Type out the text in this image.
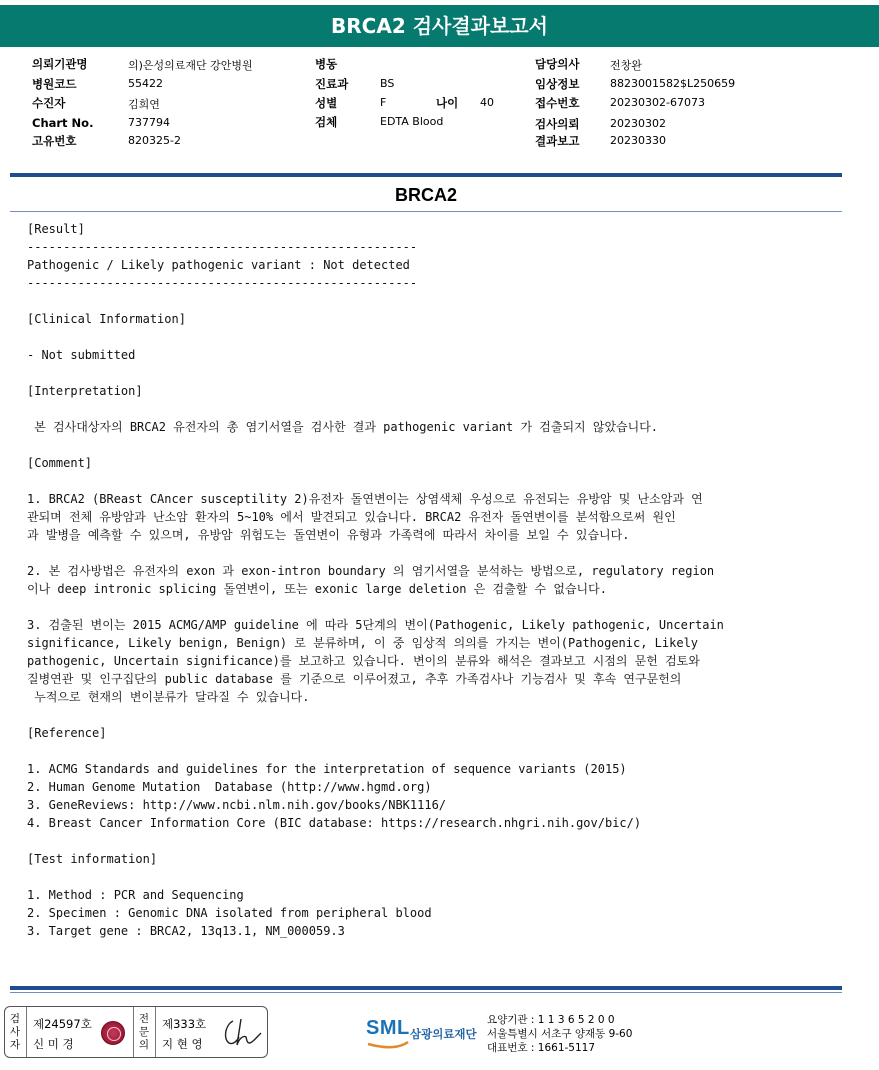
BRCA2 검사결과보고서
의뢰기관명	의)은성의료재단 강안병원
병원코드	55422
수진자	김희연
Chart No.	737794
고유번호	820325-2
병동
진료과	BS
성별	F	나이 40
검체	EDTA Blood
담당의사	전창완
임상정보	8823001582$L250659
접수번호	20230302-67073
검사의뢰	20230302
결과보고	20230330
BRCA2
[Result]
------------------------------------------------------
Pathogenic / Likely pathogenic variant : Not detected
------------------------------------------------------
[Clinical Information]
- Not submitted
[Interpretation]
본 검사대상자의 BRCA2 유전자의 총 염기서열을 검사한 결과 pathogenic variant 가 검출되지 않았습니다.
[Comment]
1. BRCA2 (BReast CAncer susceptility 2)유전자 돌연변이는 상염색체 우성으로 유전되는 유방암 및 난소암과 연
관되며 전체 유방암과 난소암 환자의 5~10% 에서 발견되고 있습니다. BRCA2 유전자 돌연변이를 분석함으로써 원인
과 발병을 예측할 수 있으며, 유방암 위험도는 돌연변이 유형과 가족력에 따라서 차이를 보일 수 있습니다.
2. 본 검사방법은 유전자의 exon 과 exon-intron boundary 의 염기서열을 분석하는 방법으로, regulatory region
이나 deep intronic splicing 돌연변이, 또는 exonic large deletion 은 검출할 수 없습니다.
3. 검출된 변이는 2015 ACMG/AMP guideline 에 따라 5단계의 변이(Pathogenic, Likely pathogenic, Uncertain
significance, Likely benign, Benign) 로 분류하며, 이 중 임상적 의의를 가지는 변이(Pathogenic, Likely
pathogenic, Uncertain significance)를 보고하고 있습니다. 변이의 분류와 해석은 결과보고 시점의 문헌 검토와
질병연관 및 인구집단의 public database 를 기준으로 이루어졌고, 추후 가족검사나 기능검사 및 후속 연구문헌의
누적으로 현재의 변이분류가 달라질 수 있습니다.
[Reference]
1. ACMG Standards and guidelines for the interpretation of sequence variants (2015)
2. Human Genome Mutation  Database (http://www.hgmd.org)
3. GeneReviews: http://www.ncbi.nlm.nih.gov/books/NBK1116/
4. Breast Cancer Information Core (BIC database: https://research.nhgri.nih.gov/bic/)
[Test information]
1. Method : PCR and Sequencing
2. Specimen : Genomic DNA isolated from peripheral blood
3. Target gene : BRCA2, 13q13.1, NM_000059.3
검사자
제24597호
신 미 경
전문의
제333호
지 현 영
SML 삼광의료재단
요양기관 : 1 1 3 6 5 2 0 0
서울특별시 서초구 양재동 9-60
대표번호 : 1661-5117
